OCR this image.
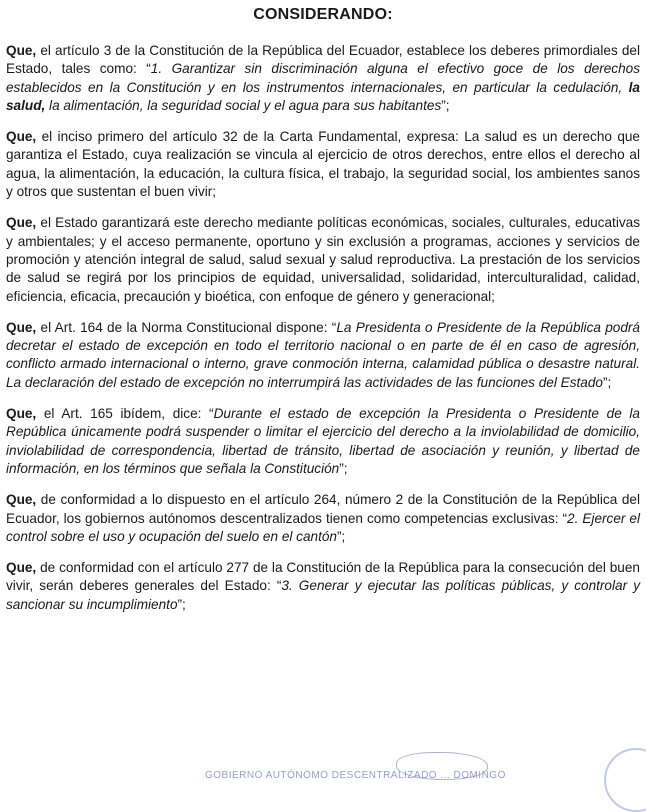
CONSIDERANDO:

Que, el artículo 3 de la Constitución de la República del Ecuador, establece los deberes primordiales del Estado, tales como: “1. Garantizar sin discriminación alguna el efectivo goce de los derechos establecidos en la Constitución y en los instrumentos internacionales, en particular la cedulación, la salud, la alimentación, la seguridad social y el agua para sus habitantes”;

Que, el inciso primero del artículo 32 de la Carta Fundamental, expresa: La salud es un derecho que garantiza el Estado, cuya realización se vincula al ejercicio de otros derechos, entre ellos el derecho al agua, la alimentación, la educación, la cultura física, el trabajo, la seguridad social, los ambientes sanos y otros que sustentan el buen vivir;

Que, el Estado garantizará este derecho mediante políticas económicas, sociales, culturales, educativas y ambientales; y el acceso permanente, oportuno y sin exclusión a programas, acciones y servicios de promoción y atención integral de salud, salud sexual y salud reproductiva. La prestación de los servicios de salud se regirá por los principios de equidad, universalidad, solidaridad, interculturalidad, calidad, eficiencia, eficacia, precaución y bioética, con enfoque de género y generacional;

Que, el Art. 164 de la Norma Constitucional dispone: “La Presidenta o Presidente de la República podrá decretar el estado de excepción en todo el territorio nacional o en parte de él en caso de agresión, conflicto armado internacional o interno, grave conmoción interna, calamidad pública o desastre natural. La declaración del estado de excepción no interrumpirá las actividades de las funciones del Estado”;

Que, el Art. 165 ibídem, dice: “Durante el estado de excepción la Presidenta o Presidente de la República únicamente podrá suspender o limitar el ejercicio del derecho a la inviolabilidad de domicilio, inviolabilidad de correspondencia, libertad de tránsito, libertad de asociación y reunión, y libertad de información, en los términos que señala la Constitución”;

Que, de conformidad a lo dispuesto en el artículo 264, número 2 de la Constitución de la República del Ecuador, los gobiernos autónomos descentralizados tienen como competencias exclusivas: “2. Ejercer el control sobre el uso y ocupación del suelo en el cantón”;

Que, de conformidad con el artículo 277 de la Constitución de la República para la consecución del buen vivir, serán deberes generales del Estado: “3. Generar y ejecutar las políticas públicas, y controlar y sancionar su incumplimiento”;

GOBIERNO AUTÓNOMO DESCENTRALIZADO ... DOMINGO
